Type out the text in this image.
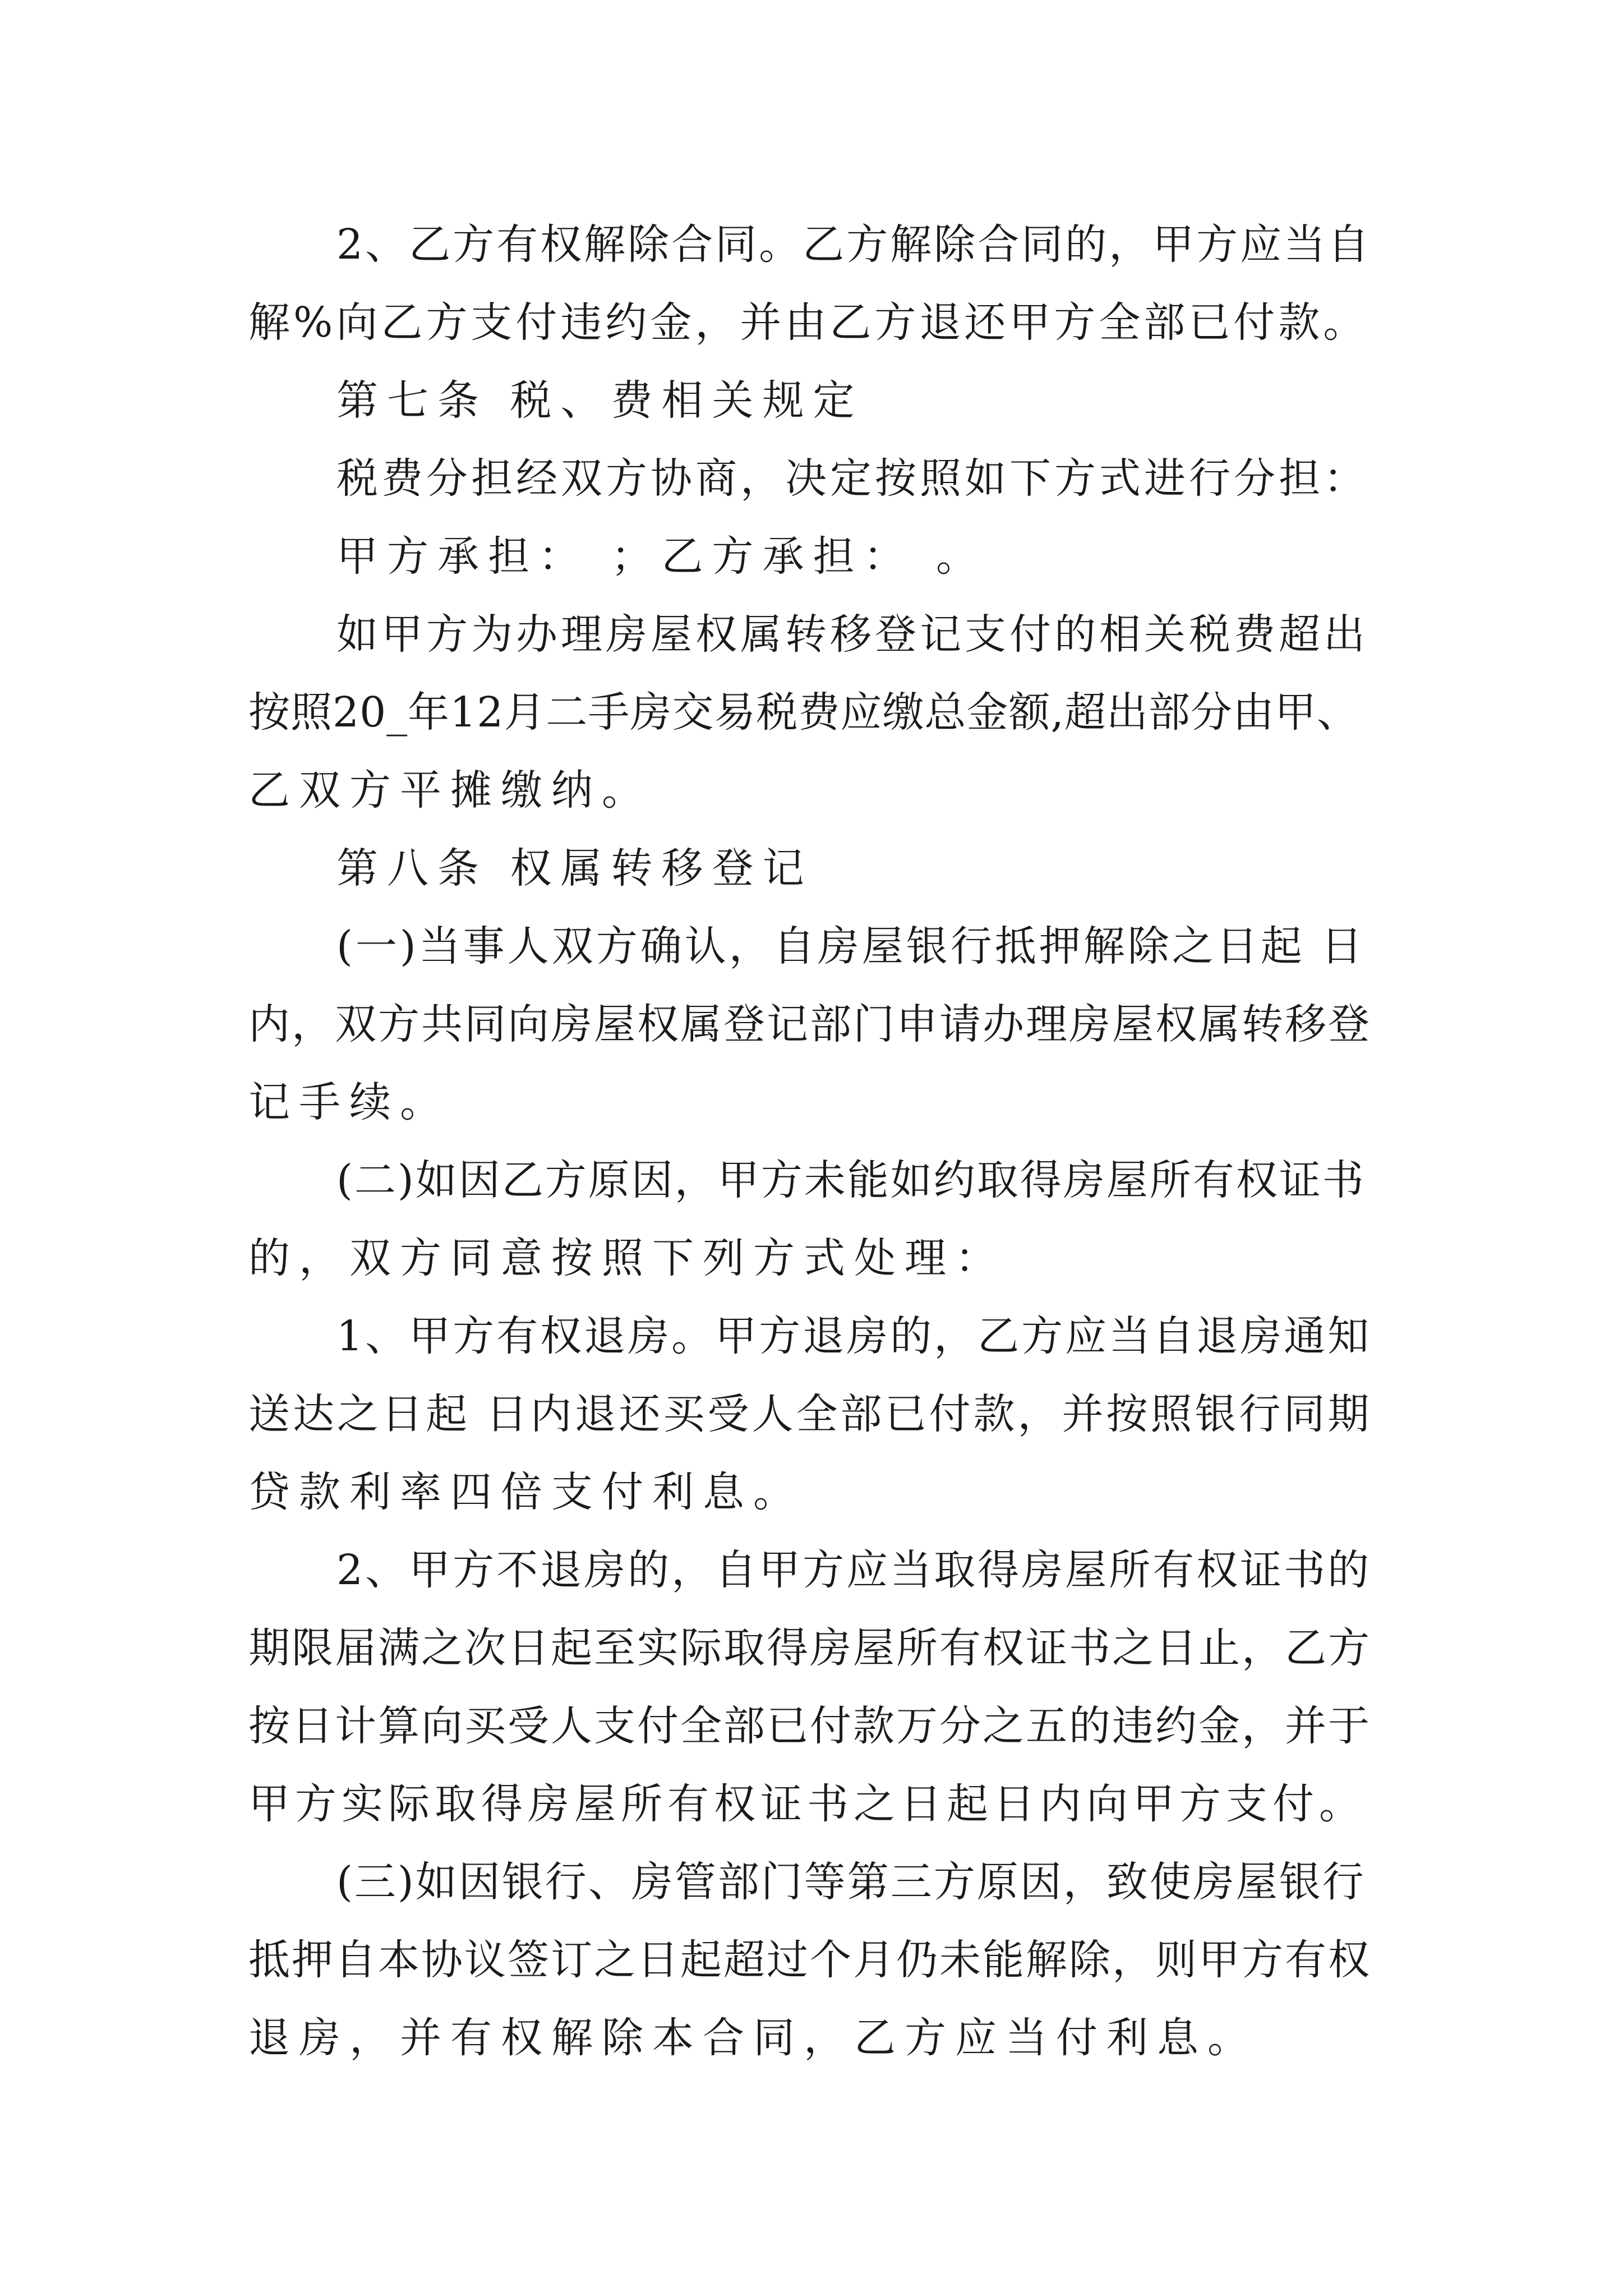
2、乙方有权解除合同。乙方解除合同的，甲方应当自
解%向乙方支付违约金，并由乙方退还甲方全部已付款。
第七条 税、费相关规定
税费分担经双方协商，决定按照如下方式进行分担：
甲方承担： ；乙方承担： 。
如甲方为办理房屋权属转移登记支付的相关税费超出
按照20_年12月二手房交易税费应缴总金额,超出部分由甲、
乙双方平摊缴纳。
第八条 权属转移登记
(一)当事人双方确认，自房屋银行抵押解除之日起 日
内，双方共同向房屋权属登记部门申请办理房屋权属转移登
记手续。
(二)如因乙方原因，甲方未能如约取得房屋所有权证书
的，双方同意按照下列方式处理：
1、甲方有权退房。甲方退房的，乙方应当自退房通知
送达之日起 日内退还买受人全部已付款，并按照银行同期
贷款利率四倍支付利息。
2、甲方不退房的，自甲方应当取得房屋所有权证书的
期限届满之次日起至实际取得房屋所有权证书之日止，乙方
按日计算向买受人支付全部已付款万分之五的违约金，并于
甲方实际取得房屋所有权证书之日起日内向甲方支付。
(三)如因银行、房管部门等第三方原因，致使房屋银行
抵押自本协议签订之日起超过个月仍未能解除，则甲方有权
退房，并有权解除本合同，乙方应当付利息。
